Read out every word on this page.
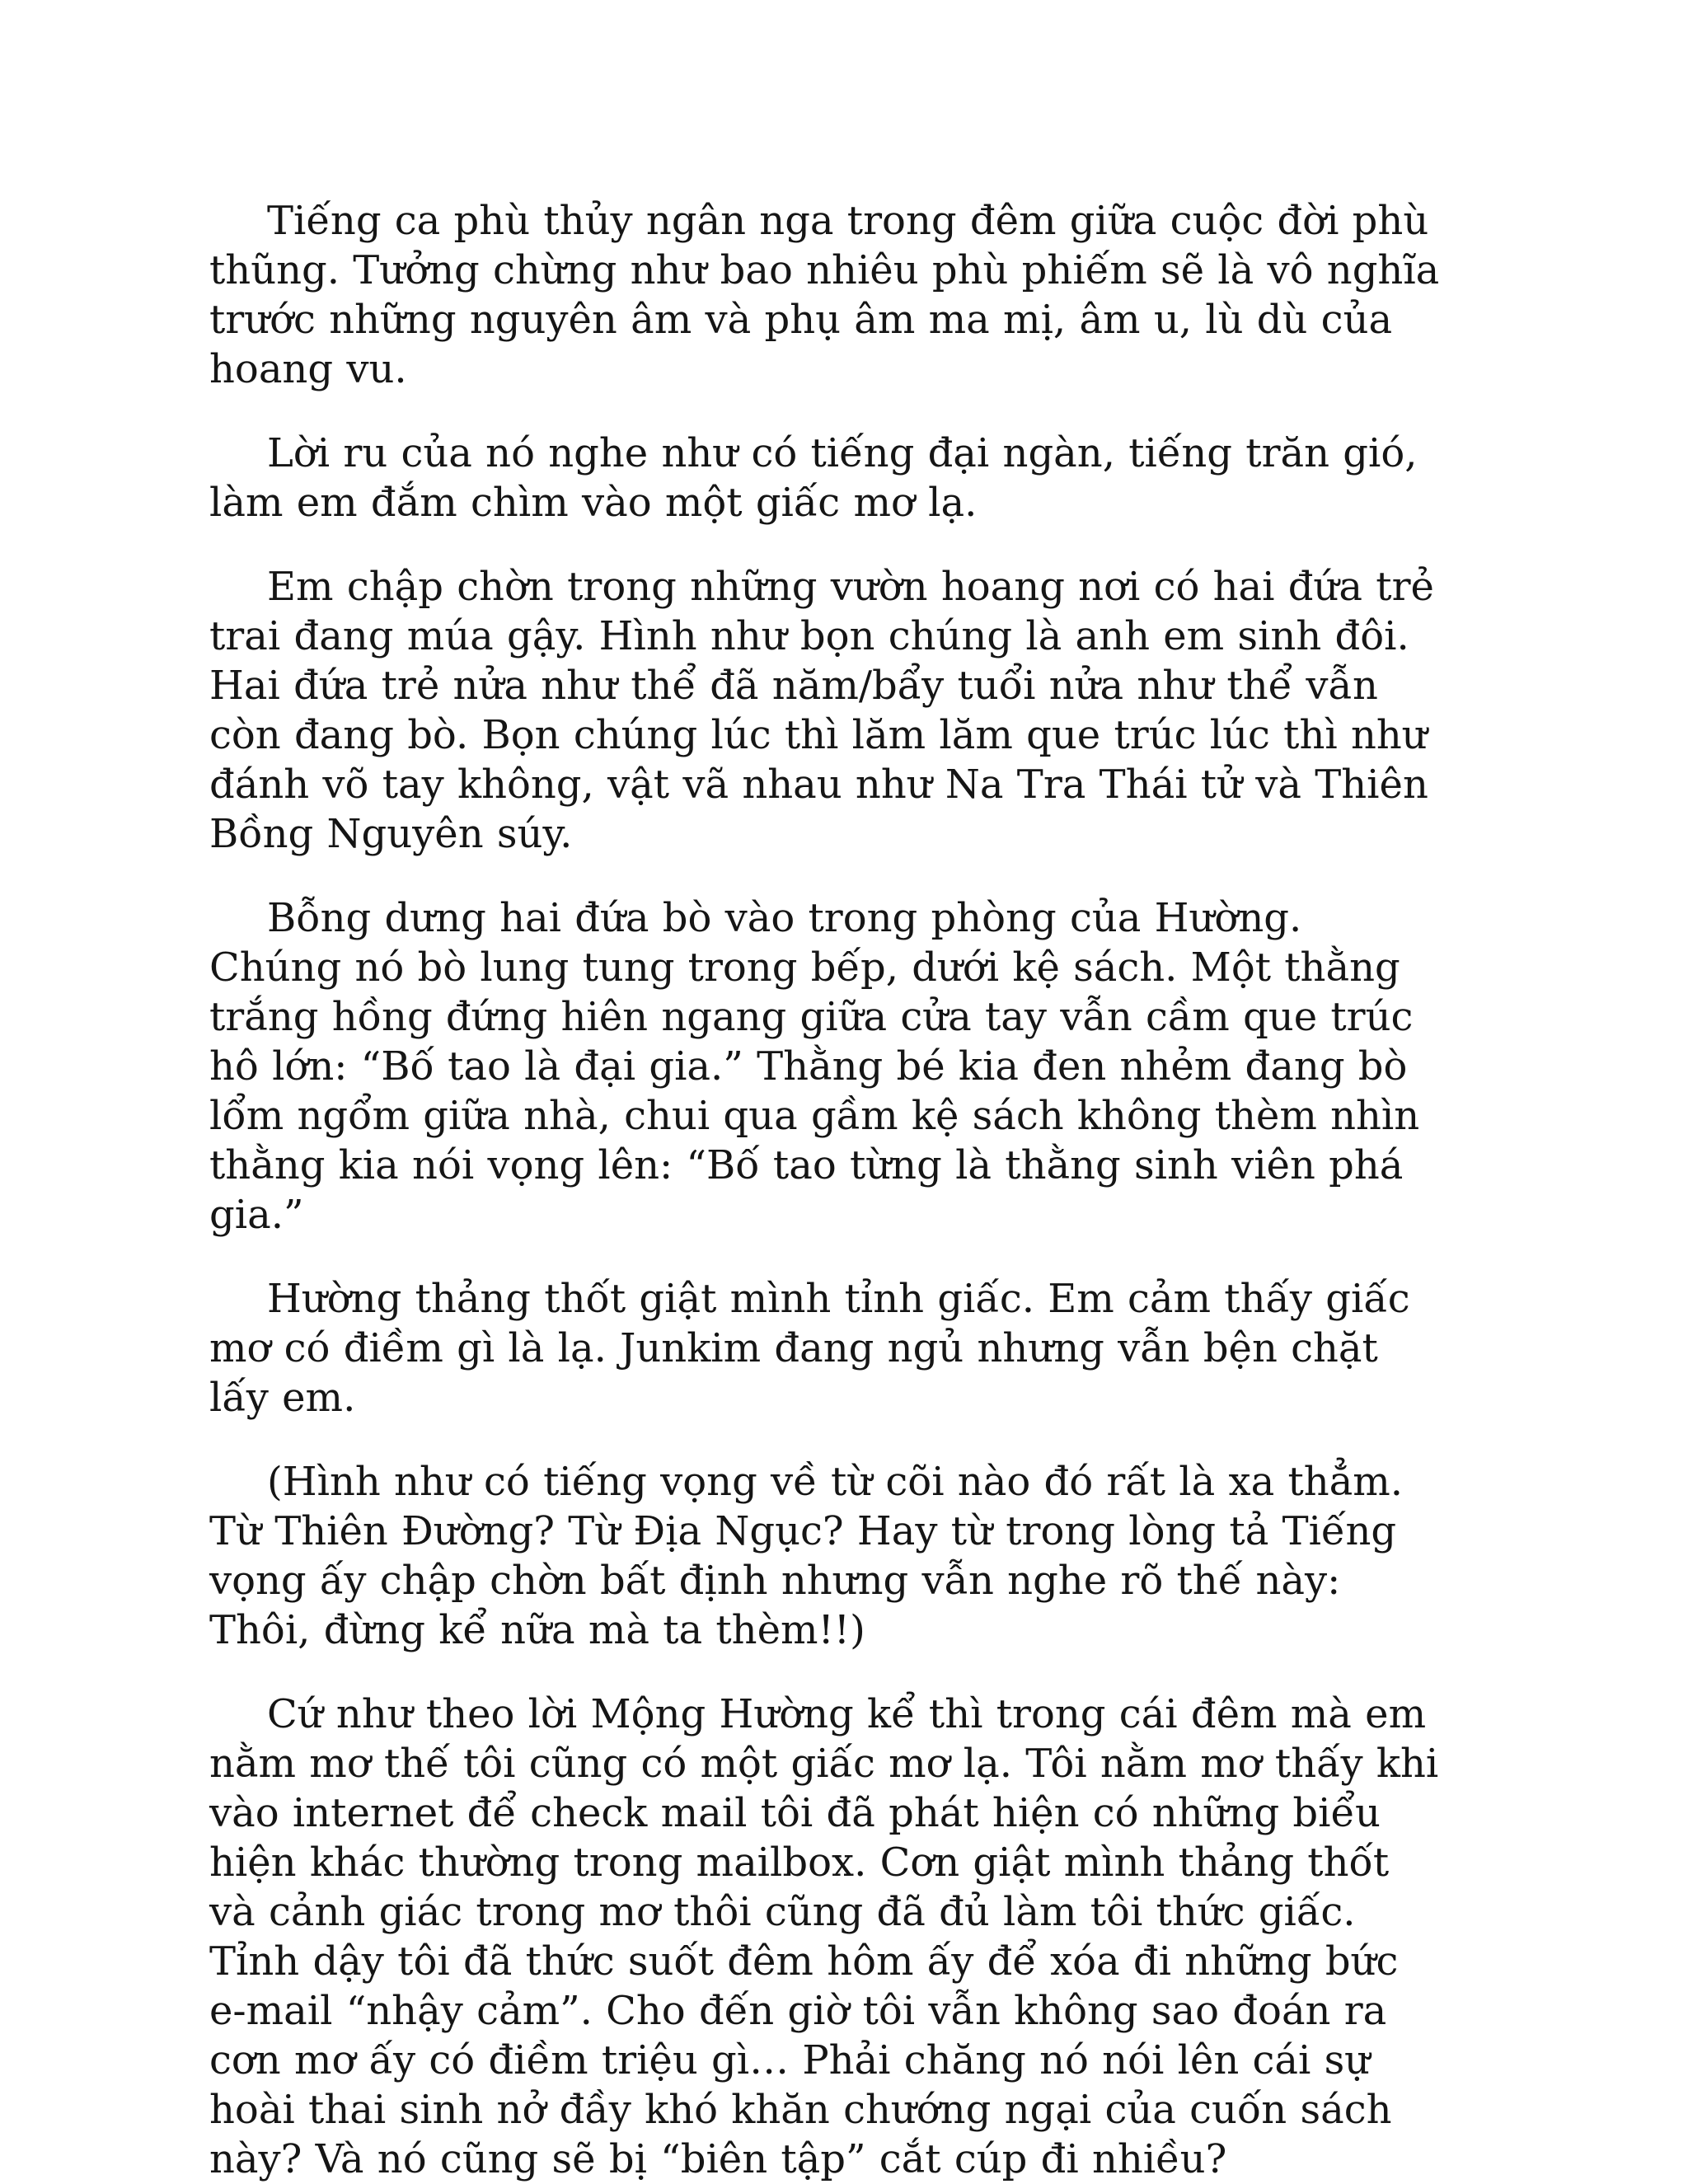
Tiếng ca phù thủy ngân nga trong đêm giữa cuộc đời phù thũng. Tưởng chừng như bao nhiêu phù phiếm sẽ là vô nghĩa trước những nguyên âm và phụ âm ma mị, âm u, lù dù của hoang vu.

Lời ru của nó nghe như có tiếng đại ngàn, tiếng trăn gió, làm em đắm chìm vào một giấc mơ lạ.

Em chập chờn trong những vườn hoang nơi có hai đứa trẻ trai đang múa gậy. Hình như bọn chúng là anh em sinh đôi. Hai đứa trẻ nửa như thể đã năm/bẩy tuổi nửa như thể vẫn còn đang bò. Bọn chúng lúc thì lăm lăm que trúc lúc thì như đánh võ tay không, vật vã nhau như Na Tra Thái tử và Thiên Bồng Nguyên súy.

Bỗng dưng hai đứa bò vào trong phòng của Hường. Chúng nó bò lung tung trong bếp, dưới kệ sách. Một thằng trắng hồng đứng hiên ngang giữa cửa tay vẫn cầm que trúc hô lớn: “Bố tao là đại gia.” Thằng bé kia đen nhẻm đang bò lổm ngổm giữa nhà, chui qua gầm kệ sách không thèm nhìn thằng kia nói vọng lên: “Bố tao từng là thằng sinh viên phá gia.”

Hường thảng thốt giật mình tỉnh giấc. Em cảm thấy giấc mơ có điềm gì là lạ. Junkim đang ngủ nhưng vẫn bện chặt lấy em.

(Hình như có tiếng vọng về từ cõi nào đó rất là xa thẳm. Từ Thiên Đường? Từ Địa Ngục? Hay từ trong lòng tả Tiếng vọng ấy chập chờn bất định nhưng vẫn nghe rõ thế này: Thôi, đừng kể nữa mà ta thèm!!)

Cứ như theo lời Mộng Hường kể thì trong cái đêm mà em nằm mơ thế tôi cũng có một giấc mơ lạ. Tôi nằm mơ thấy khi vào internet để check mail tôi đã phát hiện có những biểu hiện khác thường trong mailbox. Cơn giật mình thảng thốt và cảnh giác trong mơ thôi cũng đã đủ làm tôi thức giấc. Tỉnh dậy tôi đã thức suốt đêm hôm ấy để xóa đi những bức e-mail “nhậy cảm”. Cho đến giờ tôi vẫn không sao đoán ra cơn mơ ấy có điềm triệu gì… Phải chăng nó nói lên cái sự hoài thai sinh nở đầy khó khăn chướng ngại của cuốn sách này? Và nó cũng sẽ bị “biên tập” cắt cúp đi nhiều?
